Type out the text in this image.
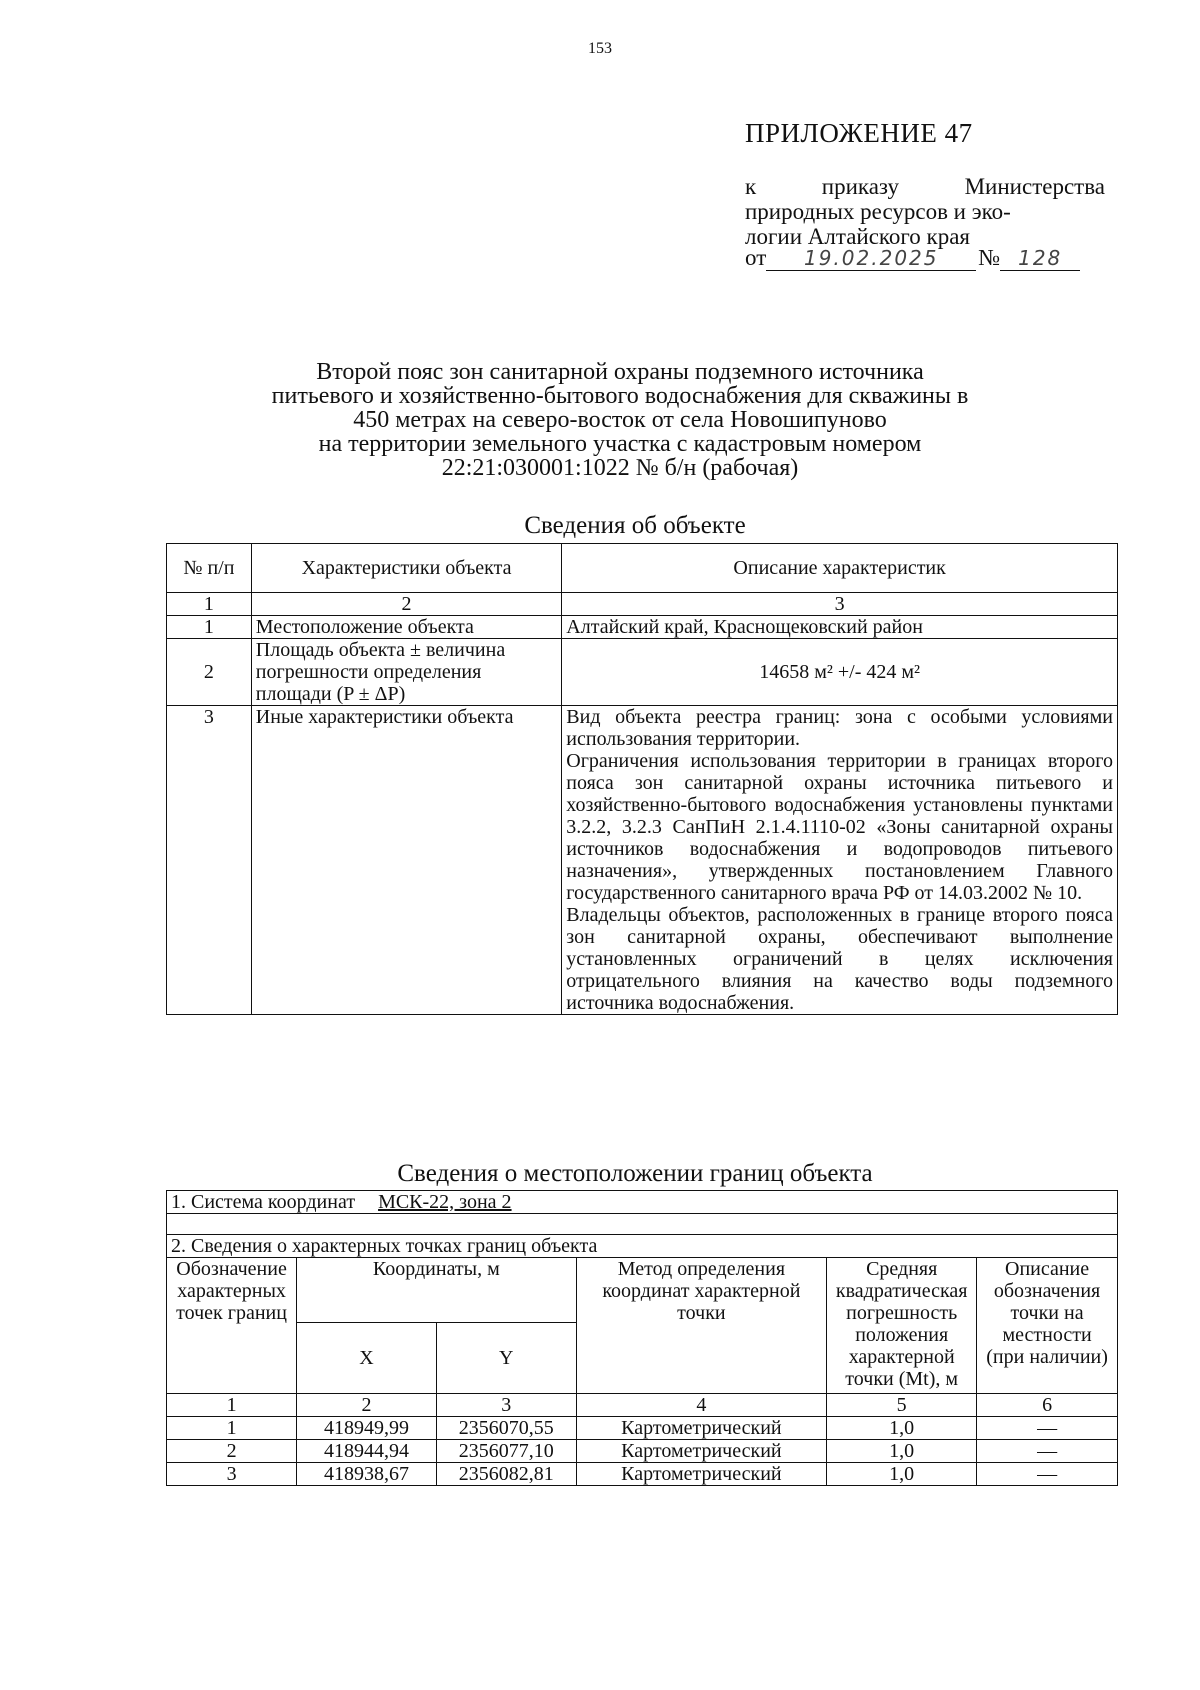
153
ПРИЛОЖЕНИЕ 47
к	приказу	Министерства
природных ресурсов и эко-
логии Алтайского края
от	19.02.2025	№ 128
Второй пояс зон санитарной охраны подземного источника
питьевого и хозяйственно-бытового водоснабжения для скважины в
450 метрах на северо-восток от села Новошипуново
на территории земельного участка с кадастровым номером
22:21:030001:1022 № б/н (рабочая)
Сведения об объекте
№ п/п	Характеристики объекта	Описание характеристик
1	2	3
1	Местоположение объекта	Алтайский край, Краснощековский район
2	Площадь объекта ± величина погрешности определения площади (P ± ΔP)	14658 м² +/- 424 м²
3	Иные характеристики объекта	Вид объекта реестра границ: зона с особыми условиями использования территории.
Ограничения использования территории в границах второго пояса зон санитарной охраны источника питьевого и хозяйственно-бытового водоснабжения установлены пунктами 3.2.2, 3.2.3 СанПиН 2.1.4.1110-02 «Зоны санитарной охраны источников водоснабжения и водопроводов питьевого назначения», утвержденных постановлением Главного государственного санитарного врача РФ от 14.03.2002 № 10.
Владельцы объектов, расположенных в границе второго пояса зон санитарной охраны, обеспечивают выполнение установленных ограничений в целях исключения отрицательного влияния на качество воды подземного источника водоснабжения.
Сведения о местоположении границ объекта
1. Система координат МСК-22, зона 2					

2. Сведения о характерных точках границ объекта					
Обозначение характерных точек границ	Координаты, м		Метод определения координат характерной точки	Средняя квадратическая погрешность положения характерной точки (Mt), м	Описание обозначения точки на местности (при наличии)
	X	Y			
1	2	3	4	5	6
1	418949,99	2356070,55	Картометрический	1,0	—
2	418944,94	2356077,10	Картометрический	1,0	—
3	418938,67	2356082,81	Картометрический	1,0	—
